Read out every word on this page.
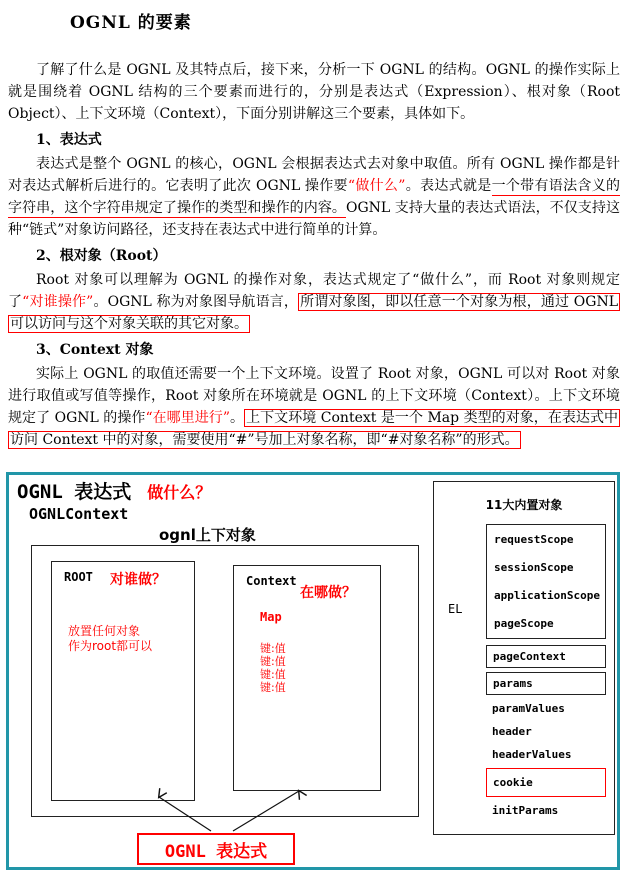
OGNL 的要素

了解了什么是 OGNL 及其特点后，接下来，分析一下 OGNL 的结构。OGNL 的操作实际上就是围绕着 OGNL 结构的三个要素而进行的，分别是表达式（Expression）、根对象（Root Object）、上下文环境（Context），下面分别讲解这三个要素，具体如下。

1、表达式

表达式是整个 OGNL 的核心，OGNL 会根据表达式去对象中取值。所有 OGNL 操作都是针对表达式解析后进行的。它表明了此次 OGNL 操作要“做什么”。表达式就是一个带有语法含义的字符串，这个字符串规定了操作的类型和操作的内容。OGNL 支持大量的表达式语法，不仅支持这种“链式”对象访问路径，还支持在表达式中进行简单的计算。

2、根对象（Root）

Root 对象可以理解为 OGNL 的操作对象，表达式规定了“做什么”，而 Root 对象则规定了“对谁操作”。OGNL 称为对象图导航语言， 所谓对象图，即以任意一个对象为根，通过 OGNL 可以访问与这个对象关联的其它对象。

3、Context 对象

实际上 OGNL 的取值还需要一个上下文环境。设置了 Root 对象，OGNL 可以对 Root 对象进行取值或写值等操作，Root 对象所在环境就是 OGNL 的上下文环境（Context）。上下文环境规定了 OGNL 的操作“在哪里进行”。 上下文环境 Context 是一个 Map 类型的对象，在表达式中访问 Context 中的对象，需要使用“#”号加上对象名称，即“#对象名称”的形式。

OGNL 表达式 做什么？
OGNLContext
ognl上下对象
ROOT 对谁做？
放置任何对象
作为root都可以
Context
在哪做？
Map
键:值
键:值
键:值
键:值
OGNL 表达式
11大内置对象
EL
requestScope
sessionScope
applicationScope
pageScope
pageContext
params
paramValues
header
headerValues
cookie
initParams
